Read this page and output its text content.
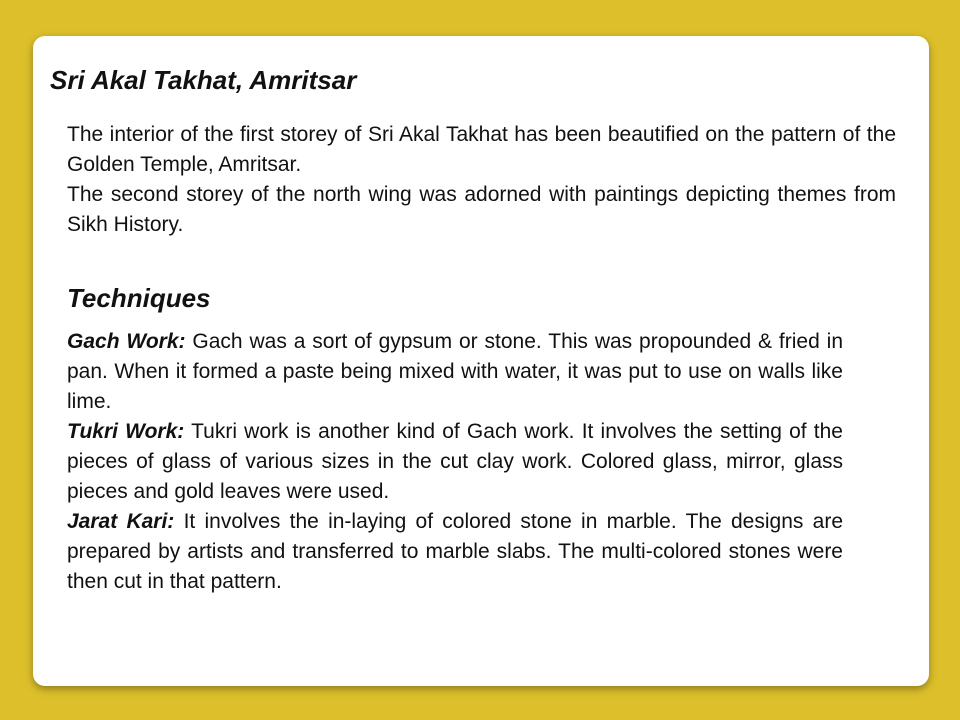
Sri Akal Takhat, Amritsar

The interior of the first storey of Sri Akal Takhat has been beautified on the pattern of the Golden Temple, Amritsar.

The second storey of the north wing was adorned with paintings depicting themes from Sikh History.

Techniques

Gach Work: Gach was a sort of gypsum or stone. This was propounded & fried in pan. When it formed a paste being mixed with water, it was put to use on walls like lime.

Tukri Work: Tukri work is another kind of Gach work. It involves the setting of the pieces of glass of various sizes in the cut clay work. Colored glass, mirror, glass pieces and gold leaves were used.

Jarat Kari: It involves the in-laying of colored stone in marble. The designs are prepared by artists and transferred to marble slabs. The multi-colored stones were then cut in that pattern.
